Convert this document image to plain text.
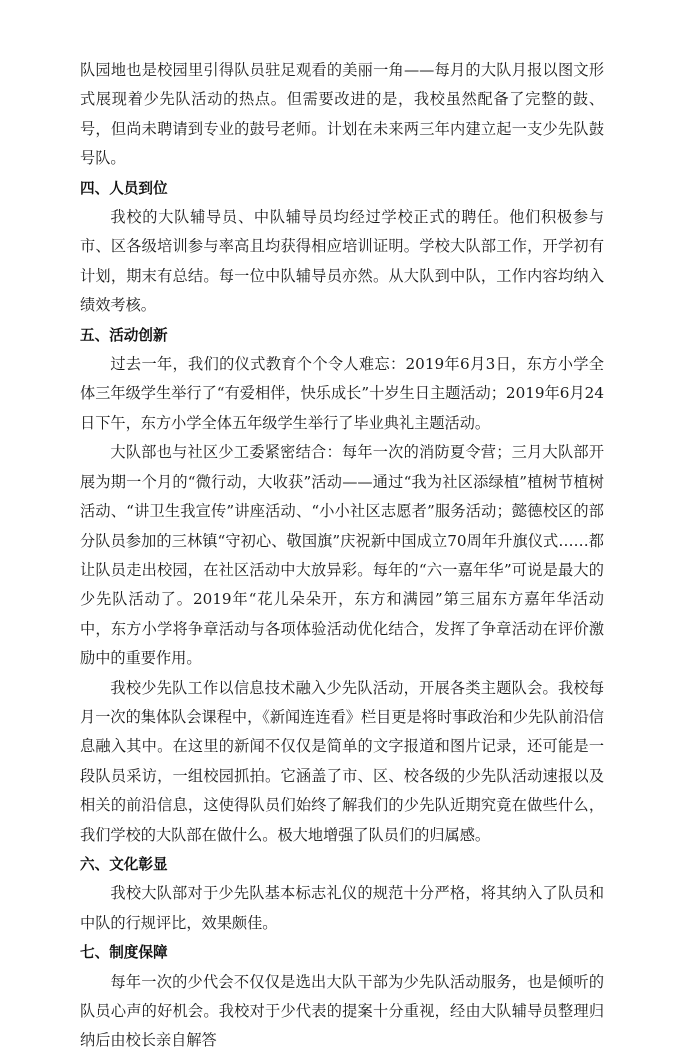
队园地也是校园里引得队员驻足观看的美丽一角——每月的大队月报以图文形式展现着少先队活动的热点。但需要改进的是，我校虽然配备了完整的鼓、号，但尚未聘请到专业的鼓号老师。计划在未来两三年内建立起一支少先队鼓号队。

四、人员到位

我校的大队辅导员、中队辅导员均经过学校正式的聘任。他们积极参与市、区各级培训参与率高且均获得相应培训证明。学校大队部工作，开学初有计划，期末有总结。每一位中队辅导员亦然。从大队到中队，工作内容均纳入绩效考核。

五、活动创新

过去一年，我们的仪式教育个个令人难忘：2019年6月3日，东方小学全体三年级学生举行了“有爱相伴，快乐成长”十岁生日主题活动；2019年6月24日下午，东方小学全体五年级学生举行了毕业典礼主题活动。

大队部也与社区少工委紧密结合：每年一次的消防夏令营；三月大队部开展为期一个月的“微行动，大收获”活动——通过“我为社区添绿植”植树节植树活动、“讲卫生我宣传”讲座活动、“小小社区志愿者”服务活动；懿德校区的部分队员参加的三林镇“守初心、敬国旗”庆祝新中国成立70周年升旗仪式……都让队员走出校园，在社区活动中大放异彩。每年的“六一嘉年华”可说是最大的少先队活动了。2019年“花儿朵朵开，东方和满园”第三届东方嘉年华活动中，东方小学将争章活动与各项体验活动优化结合，发挥了争章活动在评价激励中的重要作用。

我校少先队工作以信息技术融入少先队活动，开展各类主题队会。我校每月一次的集体队会课程中，《新闻连连看》栏目更是将时事政治和少先队前沿信息融入其中。在这里的新闻不仅仅是简单的文字报道和图片记录，还可能是一段队员采访，一组校园抓拍。它涵盖了市、区、校各级的少先队活动速报以及相关的前沿信息，这使得队员们始终了解我们的少先队近期究竟在做些什么，我们学校的大队部在做什么。极大地增强了队员们的归属感。

六、文化彰显

我校大队部对于少先队基本标志礼仪的规范十分严格，将其纳入了队员和中队的行规评比，效果颇佳。

七、制度保障

每年一次的少代会不仅仅是选出大队干部为少先队活动服务，也是倾听的队员心声的好机会。我校对于少代表的提案十分重视，经由大队辅导员整理归纳后由校长亲自解答
